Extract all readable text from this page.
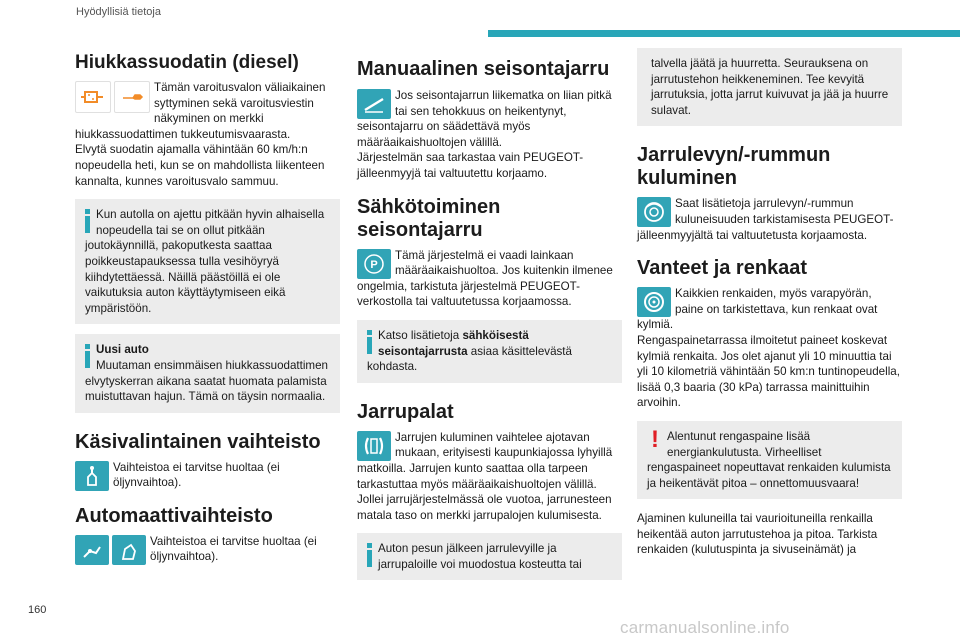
Hyödyllisiä tietoja
Hiukkassuodatin (diesel)

Tämän varoitusvalon väliaikainen syttyminen sekä varoitusviestin näkyminen on merkki hiukkassuodattimen tukkeutumisvaarasta.

Elvytä suodatin ajamalla vähintään 60 km/h:n nopeudella heti, kun se on mahdollista liikenteen kannalta, kunnes varoitusvalo sammuu.

Kun autolla on ajettu pitkään hyvin alhaisella nopeudella tai se on ollut pitkään joutokäynnillä, pakoputkesta saattaa poikkeustapauksessa tulla vesihöyryä kiihdytettäessä. Näillä päästöillä ei ole vaikutuksia auton käyttäytymiseen eikä ympäristöön.

Uusi auto

Muutaman ensimmäisen hiukkassuodattimen elvytyskerran aikana saatat huomata palamista muistuttavan hajun. Tämä on täysin normaalia.

Käsivalintainen vaihteisto

Vaihteistoa ei tarvitse huoltaa (ei öljynvaihtoa).

Automaattivaihteisto

Vaihteistoa ei tarvitse huoltaa (ei öljynvaihtoa).

Manuaalinen seisontajarru

Jos seisontajarrun liikematka on liian pitkä tai sen tehokkuus on heikentynyt, seisontajarru on säädettävä myös määräaikaishuoltojen välillä.

Järjestelmän saa tarkastaa vain PEUGEOT-jälleenmyyjä tai valtuutettu korjaamo.

Sähkötoiminen seisontajarru
P

Tämä järjestelmä ei vaadi lainkaan määräaikaishuoltoa. Jos kuitenkin ilmenee ongelmia, tarkistuta järjestelmä PEUGEOT-verkostolla tai valtuutetussa korjaamossa.

Katso lisätietoja sähköisestä seisontajarrusta asiaa käsittelevästä kohdasta.

Jarrupalat

Jarrujen kuluminen vaihtelee ajotavan mukaan, erityisesti kaupunkiajossa lyhyillä matkoilla. Jarrujen kunto saattaa olla tarpeen tarkastuttaa myös määräaikaishuoltojen välillä.

Jollei jarrujärjestelmässä ole vuotoa, jarrunesteen matala taso on merkki jarrupalojen kulumisesta.

Auton pesun jälkeen jarrulevyille ja jarrupaloille voi muodostua kosteutta tai

talvella jäätä ja huurretta. Seurauksena on jarrutustehon heikkeneminen. Tee kevyitä jarrutuksia, jotta jarrut kuivuvat ja jää ja huurre sulavat.

Jarrulevyn/-rummun kuluminen

Saat lisätietoja jarrulevyn/-rummun kuluneisuuden tarkistamisesta PEUGEOT-jälleenmyyjältä tai valtuutetusta korjaamosta.

Vanteet ja renkaat

Kaikkien renkaiden, myös varapyörän, paine on tarkistettava, kun renkaat ovat kylmiä.

Rengaspainetarrassa ilmoitetut paineet koskevat kylmiä renkaita. Jos olet ajanut yli 10 minuuttia tai yli 10 kilometriä vähintään 50 km:n tuntinopeudella, lisää 0,3 baaria (30 kPa) tarrassa mainittuihin arvoihin.

! Alentunut rengaspaine lisää energiankulutusta. Virheelliset rengaspaineet nopeuttavat renkaiden kulumista ja heikentävät pitoa – onnettomuusvaara!

Ajaminen kuluneilla tai vaurioituneilla renkailla heikentää auton jarrutustehoa ja pitoa. Tarkista renkaiden (kulutuspinta ja sivuseinämät) ja

160
carmanualsonline.info
